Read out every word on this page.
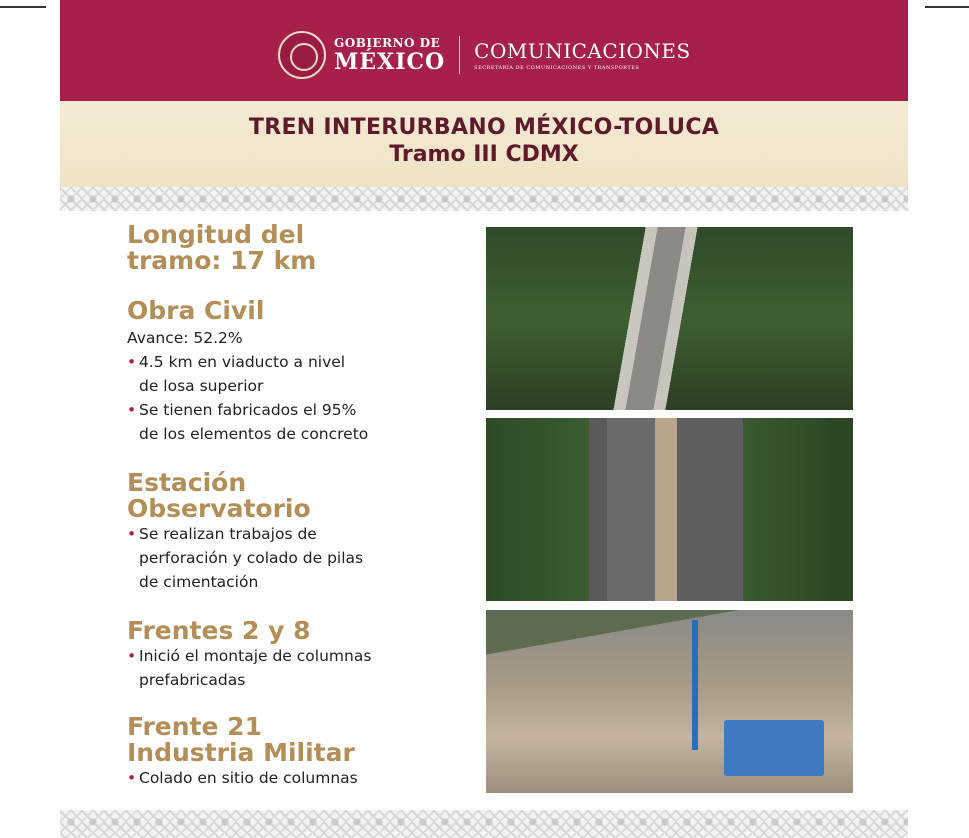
GOBIERNO DE
MÉXICO COMUNICACIONES
SECRETARÍA DE COMUNICACIONES Y TRANSPORTES
TREN INTERURBANO MÉXICO-TOLUCA
Tramo III CDMX
Longitud del
tramo: 17 km
Obra Civil
Avance: 52.2%
• 4.5 km en viaducto a nivel
de losa superior
• Se tienen fabricados el 95%
de los elementos de concreto
Estación
Observatorio
• Se realizan trabajos de
perforación y colado de pilas
de cimentación
Frentes 2 y 8
• Inició el montaje de columnas
prefabricadas
Frente 21
Industria Militar
• Colado en sitio de columnas
